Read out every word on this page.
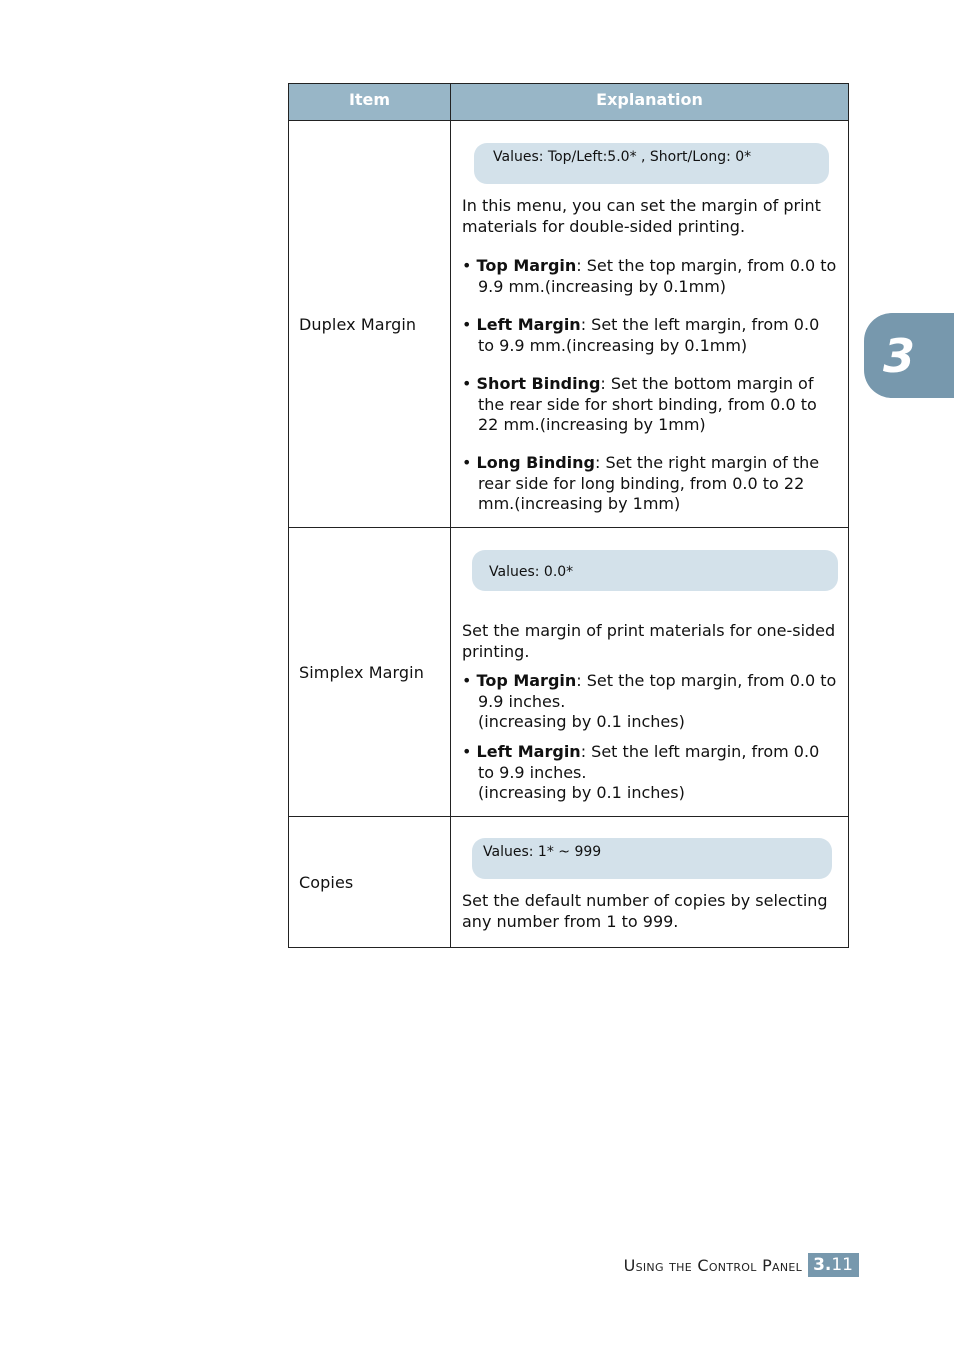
Item	Explanation
Duplex Margin
Values: Top/Left:5.0* , Short/Long: 0*
In this menu, you can set the margin of print materials for double-sided printing.
• Top Margin: Set the top margin, from 0.0 to 9.9 mm.(increasing by 0.1mm)
• Left Margin: Set the left margin, from 0.0 to 9.9 mm.(increasing by 0.1mm)
• Short Binding: Set the bottom margin of the rear side for short binding, from 0.0 to 22 mm.(increasing by 1mm)
• Long Binding: Set the right margin of the rear side for long binding, from 0.0 to 22 mm.(increasing by 1mm)
Simplex Margin
Values: 0.0*
Set the margin of print materials for one-sided printing.
• Top Margin: Set the top margin, from 0.0 to 9.9 inches.
(increasing by 0.1 inches)
• Left Margin: Set the left margin, from 0.0 to 9.9 inches.
(increasing by 0.1 inches)
Copies
Values: 1* ~ 999
Set the default number of copies by selecting any number from 1 to 999.
3
Using the Control Panel 3.11
